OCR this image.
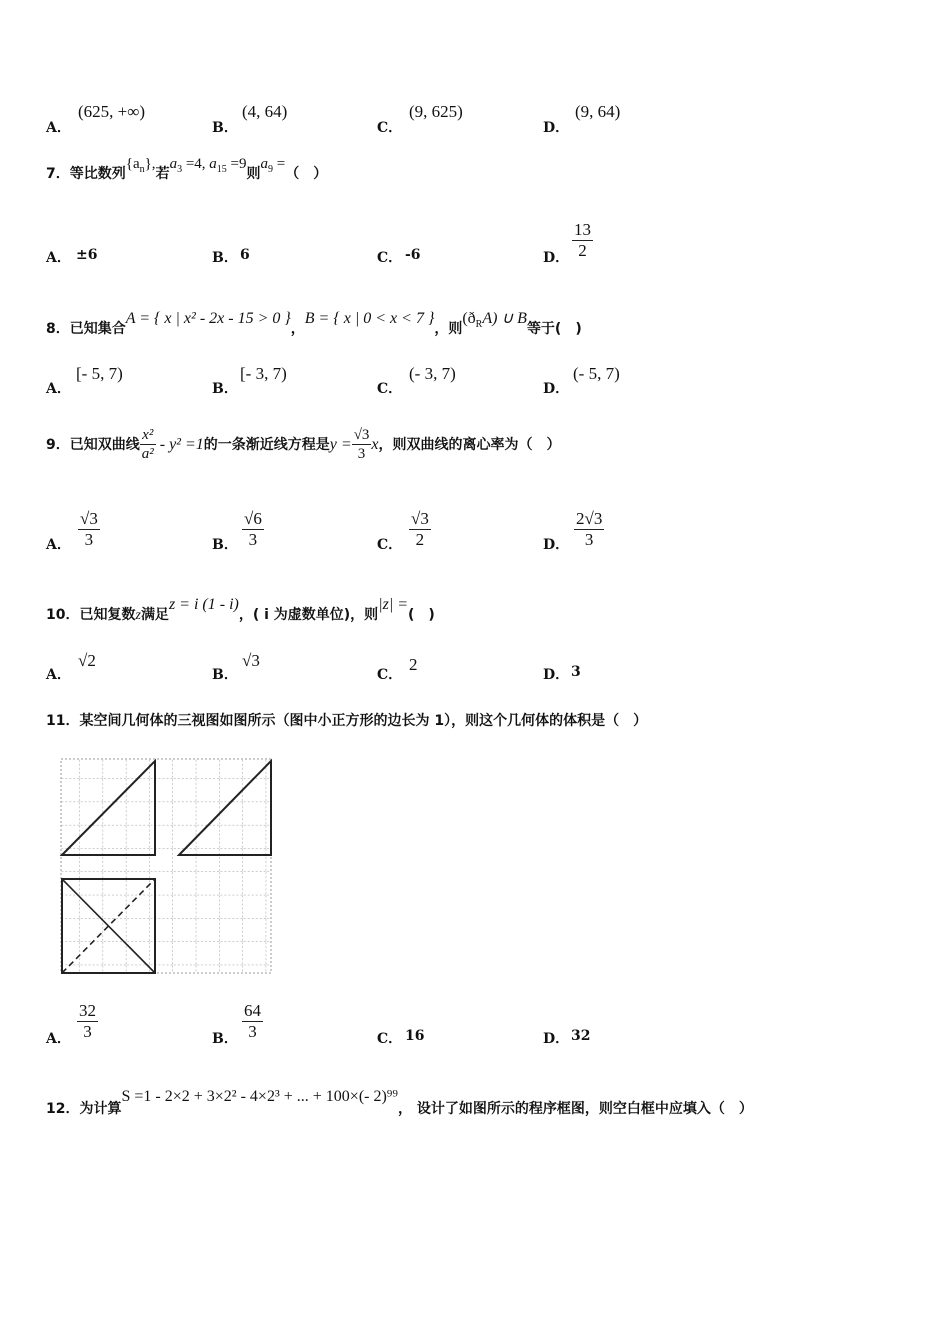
A．
(625, +∞)
B．
(4, 64)
C．
(9, 625)
D．
(9, 64)
7．等比数列$\{a_n\}$,若$a^3 =4$, $a^{15} =9$则$a^9$ =（　）
A． ±6	B． 6	C． -6	D． $\frac{13}{2}$
8．已知集合A = { x | x² - 2x - 15 > 0 }，B = { x | 0 < x < 7 }，则$(ð_RA)$ ∪ B等于(　)
A．
[- 5, 7)
B．
[- 3, 7)
C．
(- 3, 7)
D．
(- 5, 7)
9．已知双曲线 $\frac{\text{x²}}{\text{a²}} - y^2 =1$的一条渐近线方程是$y = \frac{√3}{3}$ x，则双曲线的离心率为（　）
A． $\frac{√3}{3}$	B． $\frac{√6}{3}$	C． $\frac{√3}{2}$	D． $\frac{2√3}{3}$
10．已知复数z满足z = i (1 - i)，( i 为虚数单位)，则|z| =(　)
A．
√2
B．
√3
C．
2
D． 3
11．某空间几何体的三视图如图所示（图中小正方形的边长为 1），则这个几何体的体积是（　）
A． $\frac{32}{3}$	B． $\frac{64}{3}$	C． 16	D． 32
12．为计算S =1 - 2×2 + 3×2² - 4×2³ + ... + 100×(- 2)⁹⁹， 设计了如图所示的程序框图，则空白框中应填入（　）
